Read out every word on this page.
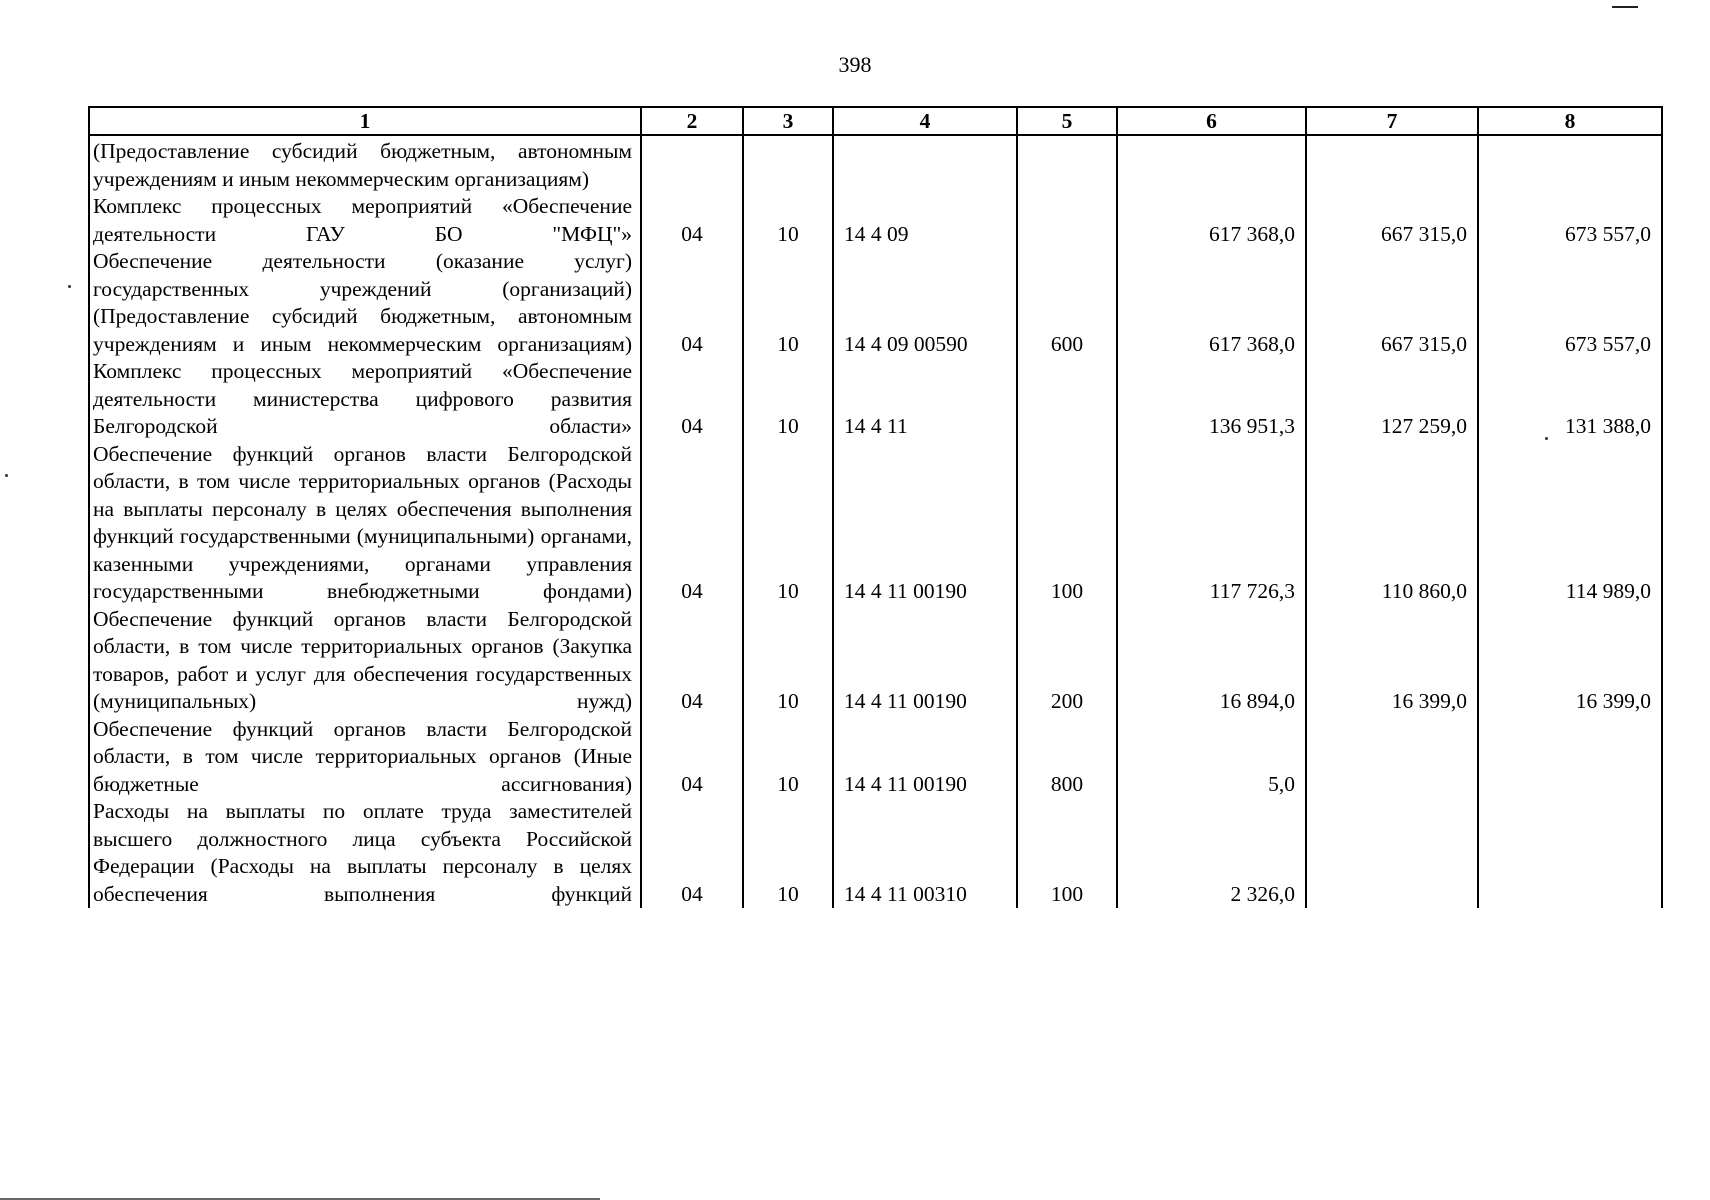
398
1	2	3	4	5	6	7	8
(Предоставление субсидий бюджетным, автономным учреждениям и иным некоммерческим организациям)							
Комплекс процессных мероприятий «Обеспечение деятельности ГАУ БО "МФЦ"»	04	10	14 4 09		617 368,0	667 315,0	673 557,0
Обеспечение деятельности (оказание услуг) государственных учреждений (организаций) (Предоставление субсидий бюджетным, автономным учреждениям и иным некоммерческим организациям)	04	10	14 4 09 00590	600	617 368,0	667 315,0	673 557,0
Комплекс процессных мероприятий «Обеспечение деятельности министерства цифрового развития Белгородской области»	04	10	14 4 11		136 951,3	127 259,0	131 388,0
Обеспечение функций органов власти Белгородской области, в том числе территориальных органов (Расходы на выплаты персоналу в целях обеспечения выполнения функций государственными (муниципальными) органами, казенными учреждениями, органами управления государственными внебюджетными фондами)	04	10	14 4 11 00190	100	117 726,3	110 860,0	114 989,0
Обеспечение функций органов власти Белгородской области, в том числе территориальных органов (Закупка товаров, работ и услуг для обеспечения государственных (муниципальных) нужд)	04	10	14 4 11 00190	200	16 894,0	16 399,0	16 399,0
Обеспечение функций органов власти Белгородской области, в том числе территориальных органов (Иные бюджетные ассигнования)	04	10	14 4 11 00190	800	5,0		
Расходы на выплаты по оплате труда заместителей высшего должностного лица субъекта Российской Федерации (Расходы на выплаты персоналу в целях обеспечения выполнения функций	04	10	14 4 11 00310	100	2 326,0		
